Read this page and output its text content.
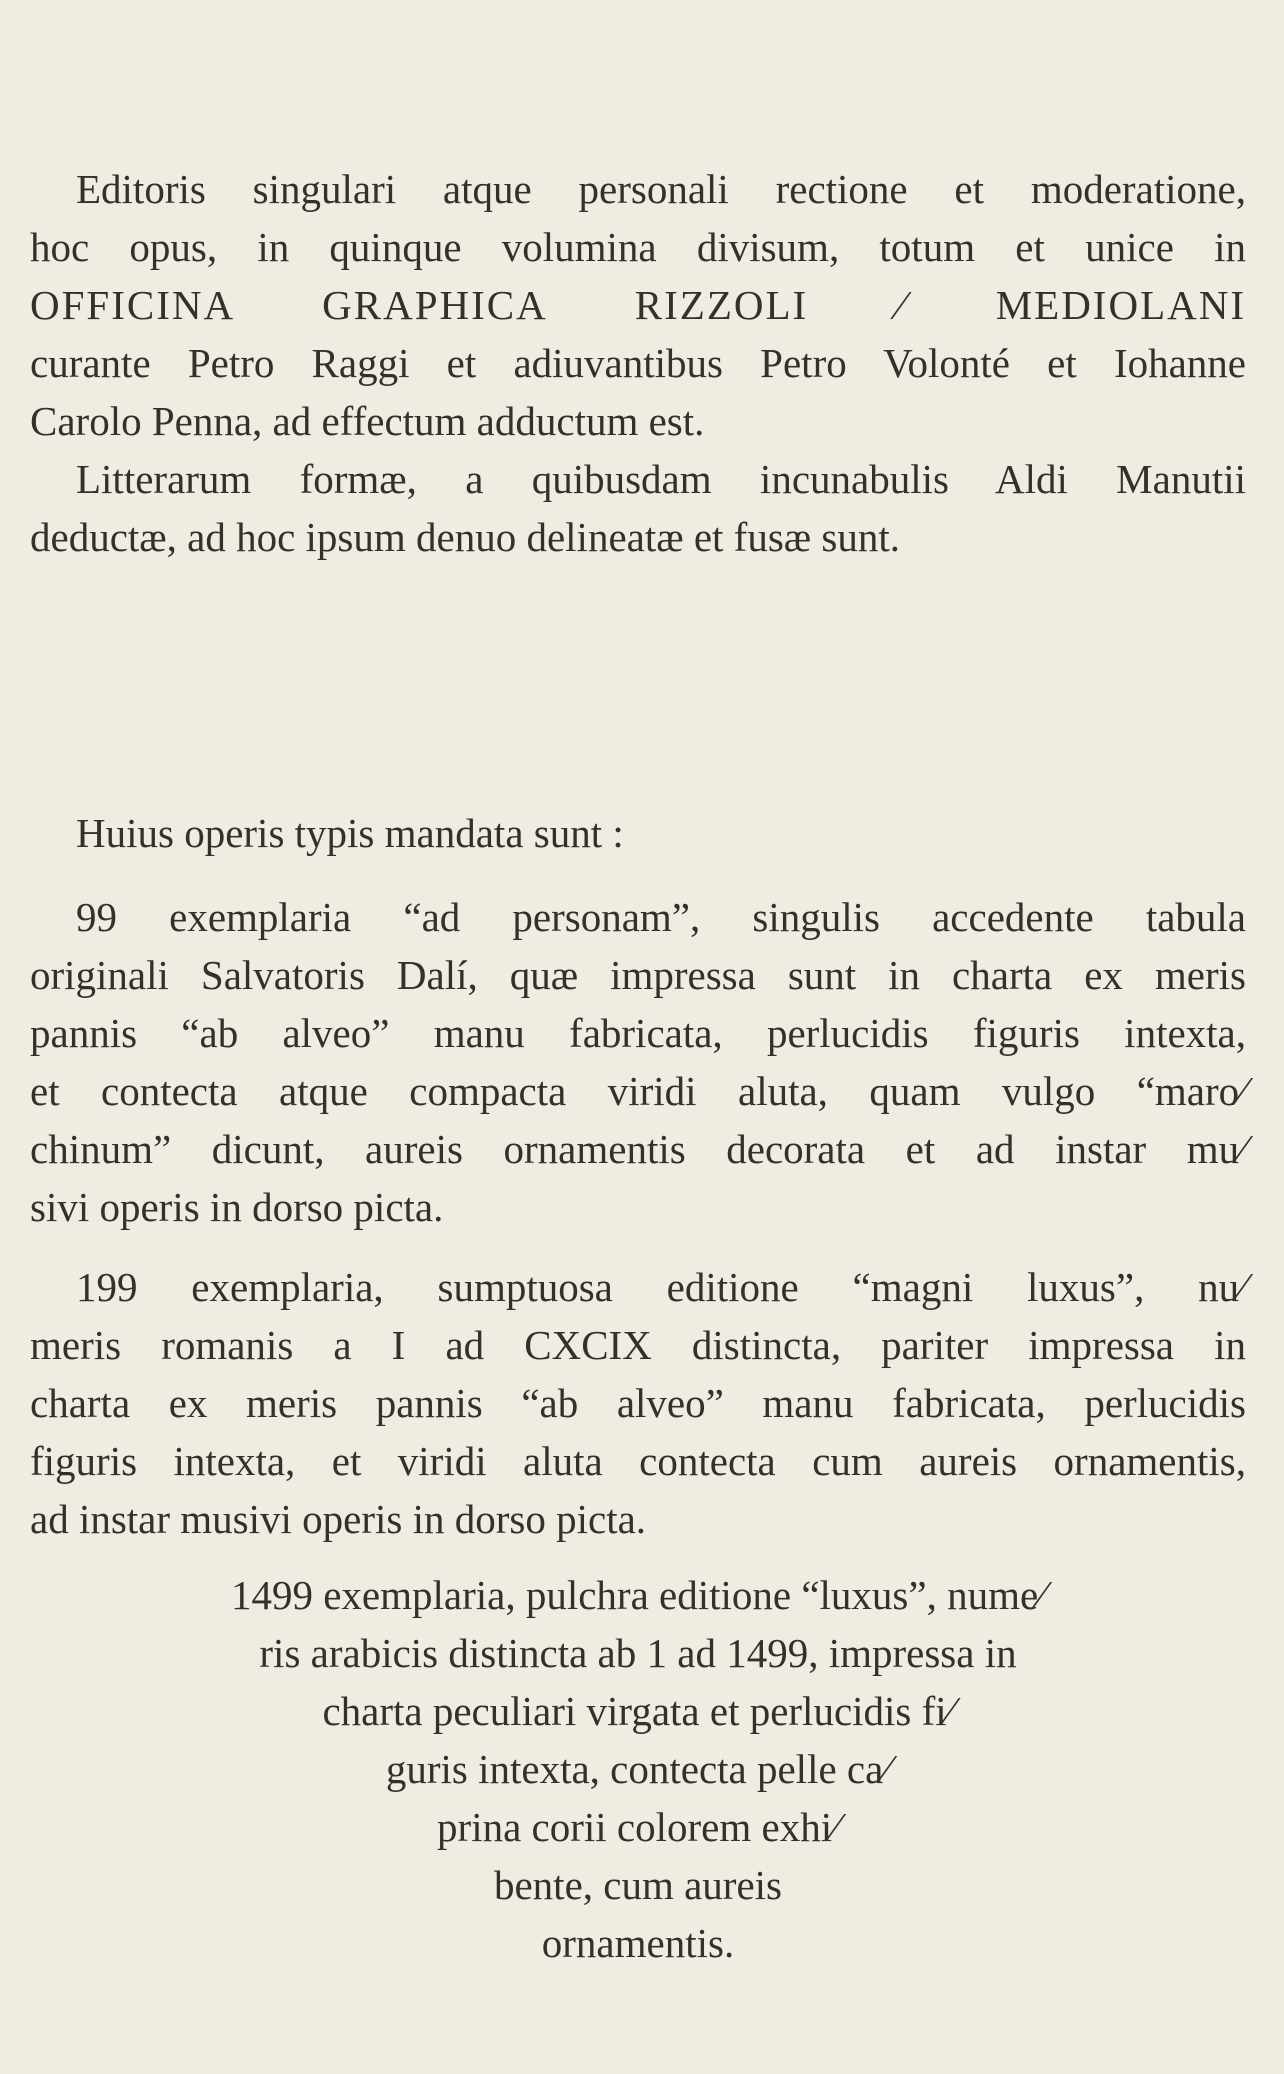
Editoris singulari atque personali rectione et moderatione,
hoc opus, in quinque volumina divisum, totum et unice in
OFFICINA GRAPHICA RIZZOLI ⁄ MEDIOLANI
curante Petro Raggi et adiuvantibus Petro Volonté et Iohanne
Carolo Penna, ad effectum adductum est.

Litterarum formæ, a quibusdam incunabulis Aldi Manutii
deductæ, ad hoc ipsum denuo delineatæ et fusæ sunt.

Huius operis typis mandata sunt :

99 exemplaria “ad personam”, singulis accedente tabula
originali Salvatoris Dalí, quæ impressa sunt in charta ex meris
pannis “ab alveo” manu fabricata, perlucidis figuris intexta,
et contecta atque compacta viridi aluta, quam vulgo “maro⁄
chinum” dicunt, aureis ornamentis decorata et ad instar mu⁄
sivi operis in dorso picta.

199 exemplaria, sumptuosa editione “magni luxus”, nu⁄
meris romanis a I ad CXCIX distincta, pariter impressa in
charta ex meris pannis “ab alveo” manu fabricata, perlucidis
figuris intexta, et viridi aluta contecta cum aureis ornamentis,
ad instar musivi operis in dorso picta.

1499 exemplaria, pulchra editione “luxus”, nume⁄
ris arabicis distincta ab 1 ad 1499, impressa in
charta peculiari virgata et perlucidis fi⁄
guris intexta, contecta pelle ca⁄
prina corii colorem exhi⁄
bente, cum aureis
ornamentis.
